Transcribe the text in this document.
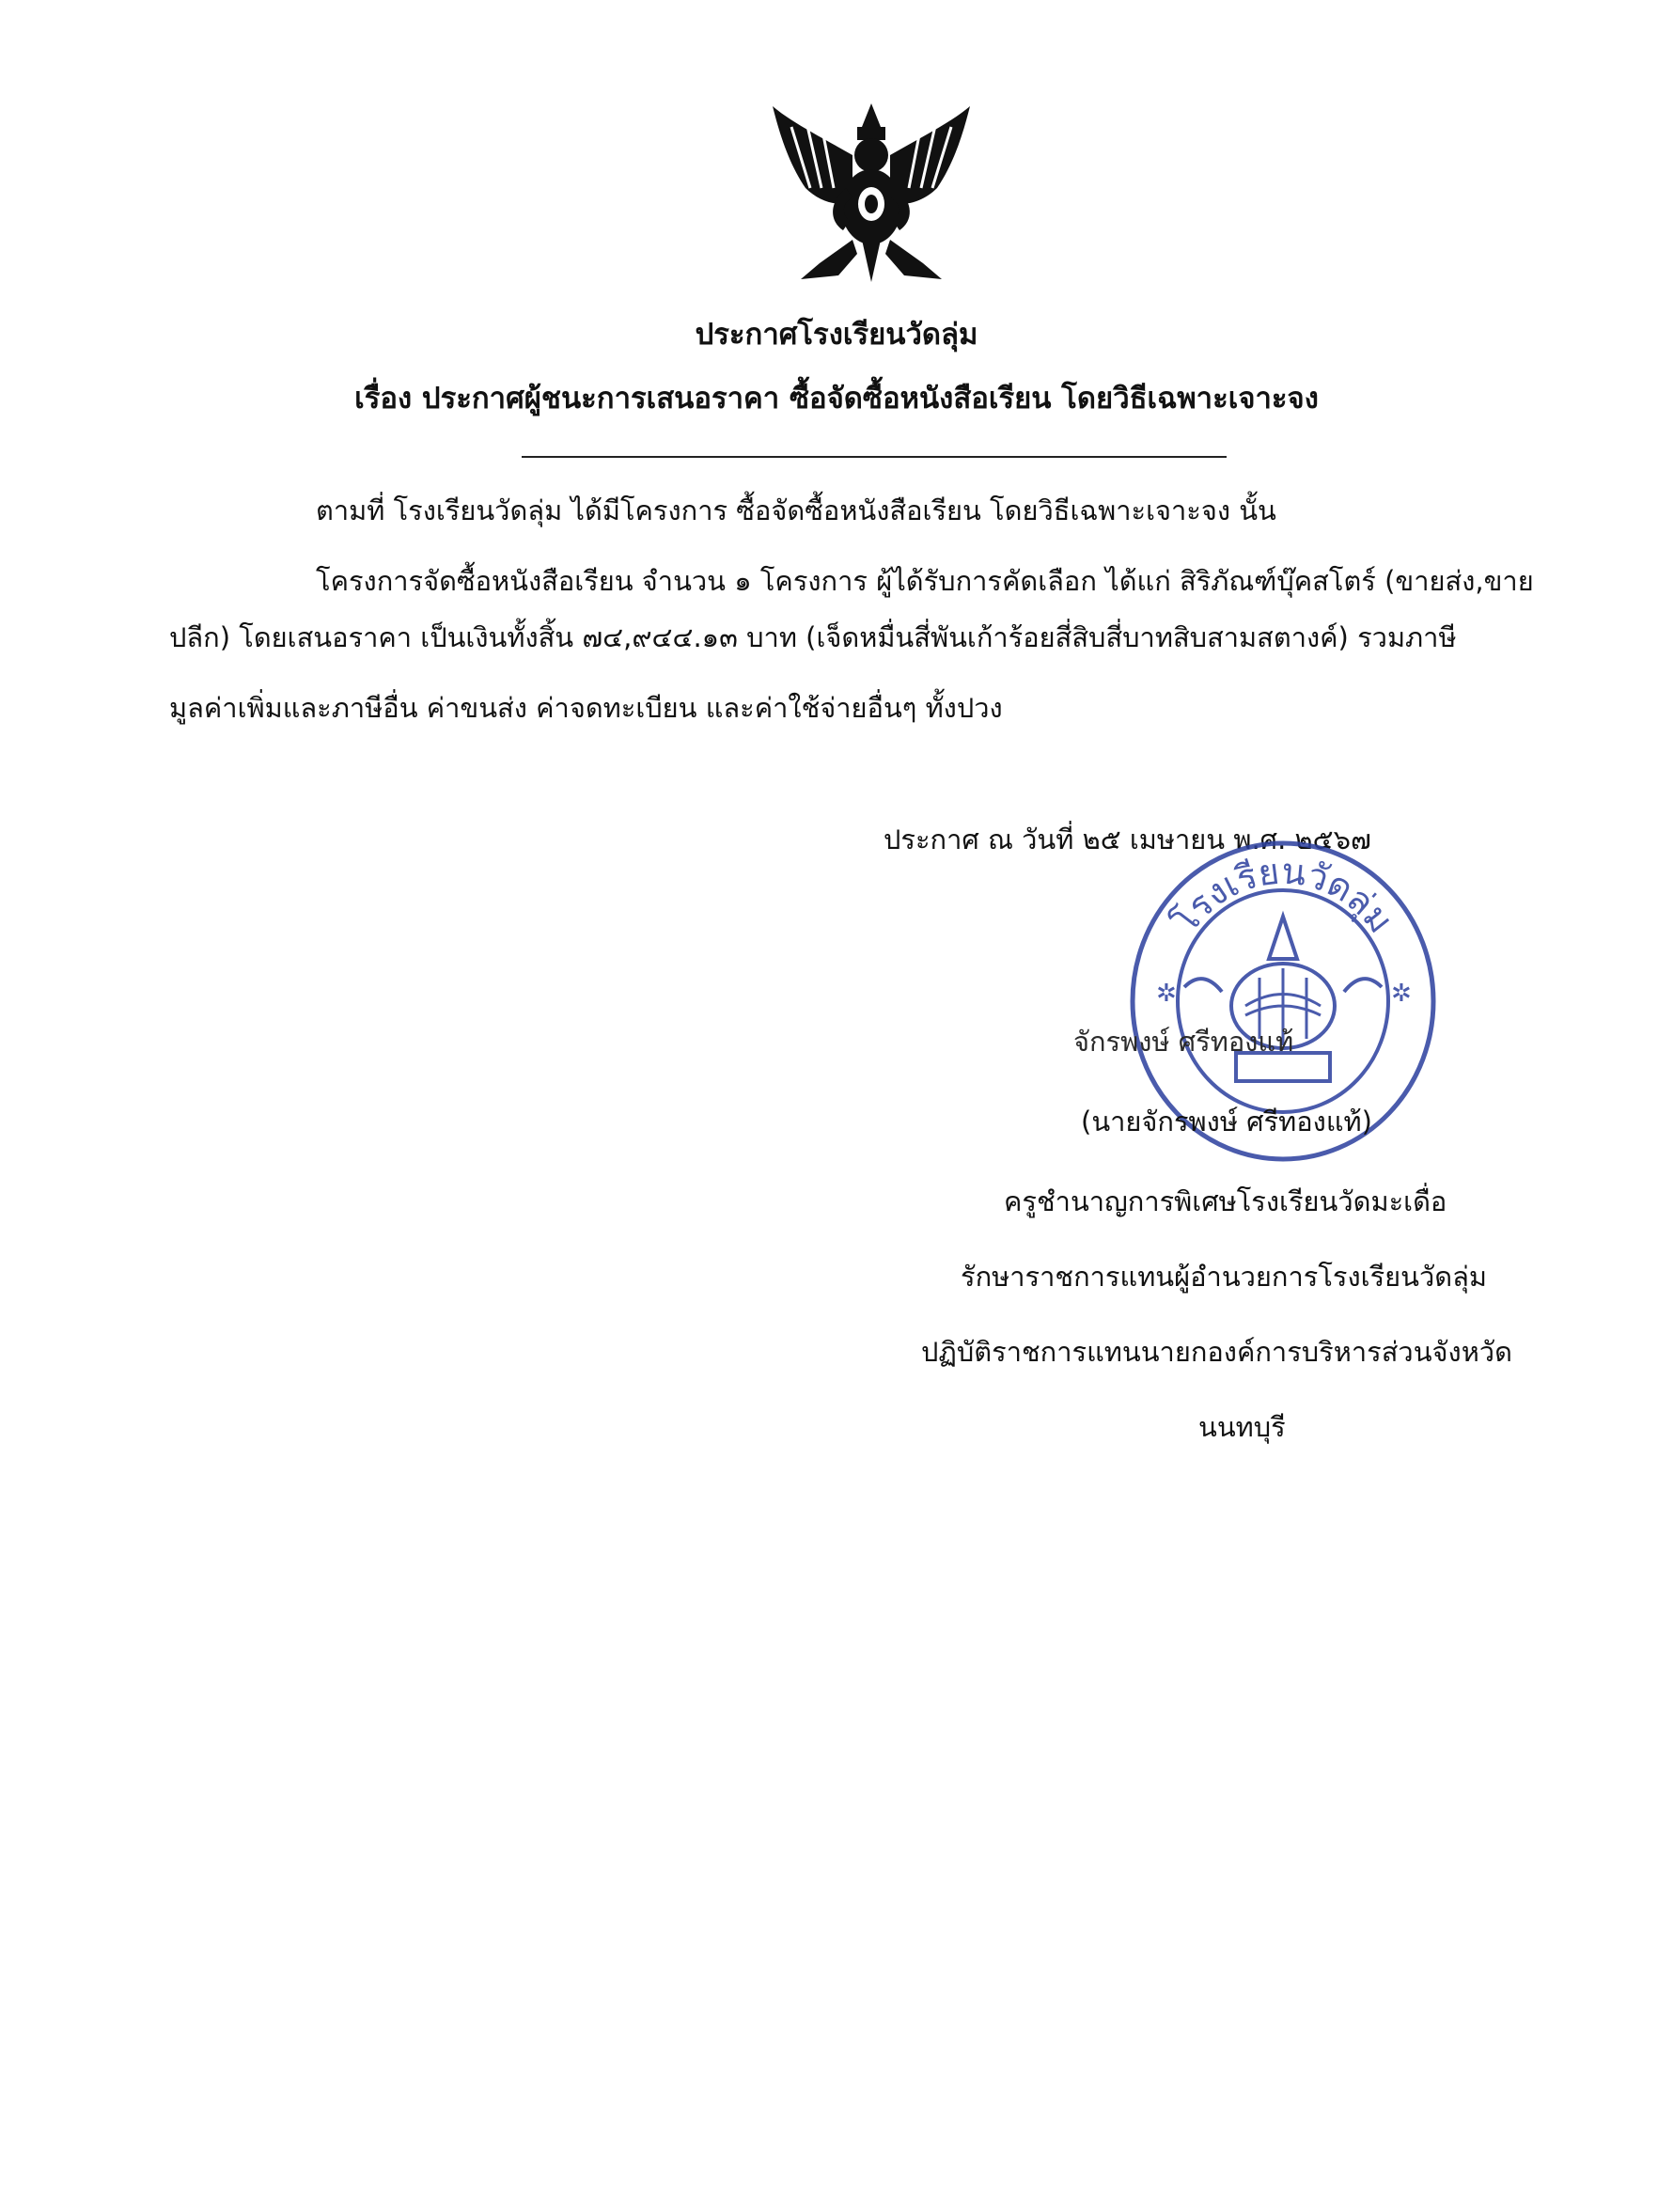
ประกาศโรงเรียนวัดลุ่ม
เรื่อง ประกาศผู้ชนะการเสนอราคา ซื้อจัดซื้อหนังสือเรียน โดยวิธีเฉพาะเจาะจง
ตามที่ โรงเรียนวัดลุ่ม ได้มีโครงการ ซื้อจัดซื้อหนังสือเรียน โดยวิธีเฉพาะเจาะจง นั้น
โครงการจัดซื้อหนังสือเรียน จำนวน ๑ โครงการ ผู้ได้รับการคัดเลือก ได้แก่ สิริภัณฑ์บุ๊คสโตร์ (ขายส่ง,ขาย
ปลีก) โดยเสนอราคา เป็นเงินทั้งสิ้น ๗๔,๙๔๔.๑๓ บาท (เจ็ดหมื่นสี่พันเก้าร้อยสี่สิบสี่บาทสิบสามสตางค์) รวมภาษี
มูลค่าเพิ่มและภาษีอื่น ค่าขนส่ง ค่าจดทะเบียน และค่าใช้จ่ายอื่นๆ ทั้งปวง
ประกาศ ณ วันที่ ๒๕ เมษายน พ.ศ. ๒๕๖๗
โรงเรียนวัดลุ่ม
✲	✲
จักรพงษ์ ศรีทองแท้
(นายจักรพงษ์ ศรีทองแท้)
ครูชำนาญการพิเศษโรงเรียนวัดมะเดื่อ
รักษาราชการแทนผู้อำนวยการโรงเรียนวัดลุ่ม
ปฏิบัติราชการแทนนายกองค์การบริหารส่วนจังหวัด
นนทบุรี
